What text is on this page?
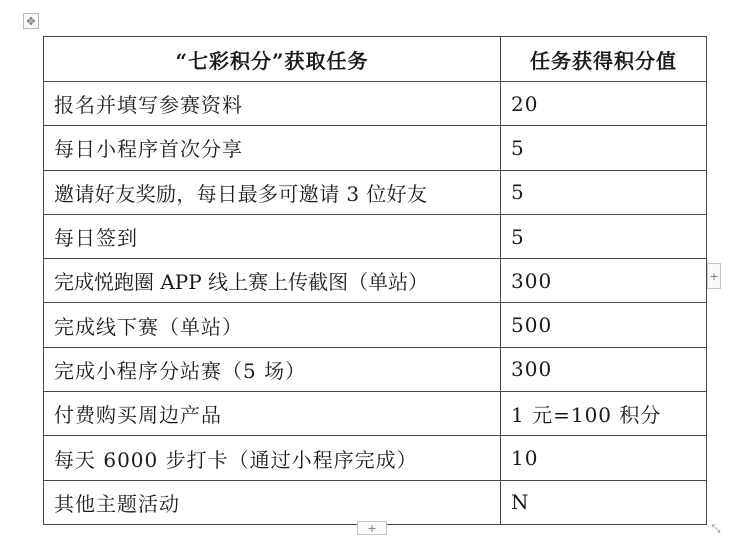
✥
“七彩积分”获取任务	任务获得积分值
报名并填写参赛资料	20
每日小程序首次分享	5
邀请好友奖励，每日最多可邀请 3 位好友	5
每日签到	5
完成悦跑圈 APP 线上赛上传截图（单站）	300
完成线下赛（单站）	500
完成小程序分站赛（5 场）	300
付费购买周边产品	1 元=100 积分
每天 6000 步打卡（通过小程序完成）	10
其他主题活动	N
+
+	⤡
